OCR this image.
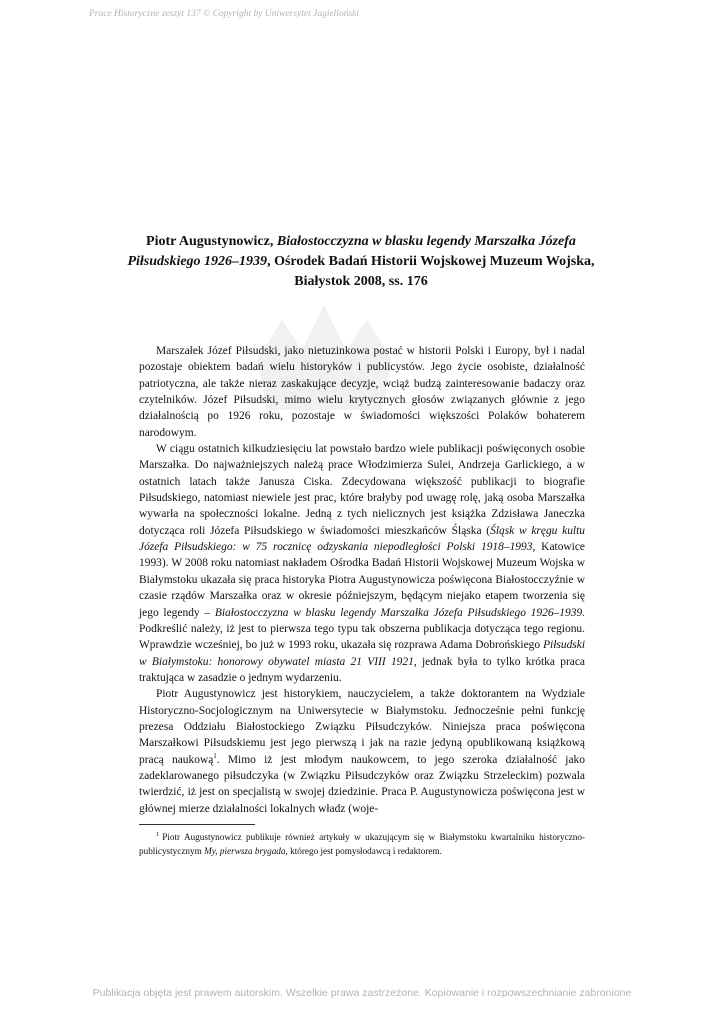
Prace Historyczne zeszyt 137 © Copyright by Uniwersytet Jagielloński
Piotr Augustynowicz, Białostocczyzna w blasku legendy Marszałka Józefa Piłsudskiego 1926–1939, Ośrodek Badań Historii Wojskowej Muzeum Wojska, Białystok 2008, ss. 176

Marszałek Józef Piłsudski, jako nietuzinkowa postać w historii Polski i Europy, był i nadal pozostaje obiektem badań wielu historyków i publicystów. Jego życie osobiste, działalność patriotyczna, ale także nieraz zaskakujące decyzje, wciąż budzą zainteresowanie badaczy oraz czytelników. Józef Piłsudski, mimo wielu krytycznych głosów związanych głównie z jego działalnością po 1926 roku, pozostaje w świadomości większości Polaków bohaterem narodowym.

W ciągu ostatnich kilkudziesięciu lat powstało bardzo wiele publikacji poświęconych osobie Marszałka. Do najważniejszych należą prace Włodzimierza Sulei, Andrzeja Garlickiego, a w ostatnich latach także Janusza Ciska. Zdecydowana większość publikacji to biografie Piłsudskiego, natomiast niewiele jest prac, które brałyby pod uwagę rolę, jaką osoba Marszałka wywarła na społeczności lokalne. Jedną z tych nielicznych jest książka Zdzisława Janeczka dotycząca roli Józefa Piłsudskiego w świadomości mieszkańców Śląska (Śląsk w kręgu kultu Józefa Piłsudskiego: w 75 rocznicę odzyskania niepodległości Polski 1918–1993, Katowice 1993). W 2008 roku natomiast nakładem Ośrodka Badań Historii Wojskowej Muzeum Wojska w Białymstoku ukazała się praca historyka Piotra Augustynowicza poświęcona Białostocczyźnie w czasie rządów Marszałka oraz w okresie późniejszym, będącym niejako etapem tworzenia się jego legendy – Białostocczyzna w blasku legendy Marszałka Józefa Piłsudskiego 1926–1939. Podkreślić należy, iż jest to pierwsza tego typu tak obszerna publikacja dotycząca tego regionu. Wprawdzie wcześniej, bo już w 1993 roku, ukazała się rozprawa Adama Dobrońskiego Piłsudski w Białymstoku: honorowy obywatel miasta 21 VIII 1921, jednak była to tylko krótka praca traktująca w zasadzie o jednym wydarzeniu.

Piotr Augustynowicz jest historykiem, nauczycielem, a także doktorantem na Wydziale Historyczno-Socjologicznym na Uniwersytecie w Białymstoku. Jednocześnie pełni funkcję prezesa Oddziału Białostockiego Związku Piłsudczyków. Niniejsza praca poświęcona Marszałkowi Piłsudskiemu jest jego pierwszą i jak na razie jedyną opublikowaną książkową pracą naukową$^1$. Mimo iż jest młodym naukowcem, to jego szeroka działalność jako zadeklarowanego piłsudczyka (w Związku Piłsudczyków oraz Związku Strzeleckim) pozwala twierdzić, iż jest on specjalistą w swojej dziedzinie. Praca P. Augustynowicza poświęcona jest w głównej mierze działalności lokalnych władz (woje-

$^1$ Piotr Augustynowicz publikuje również artykuły w ukazującym się w Białymstoku kwartalniku historyczno-publicystycznym My, pierwsza brygada, którego jest pomysłodawcą i redaktorem.
Publikacja objęta jest prawem autorskim. Wszelkie prawa zastrzeżone. Kopiowanie i rozpowszechnianie zabronione
